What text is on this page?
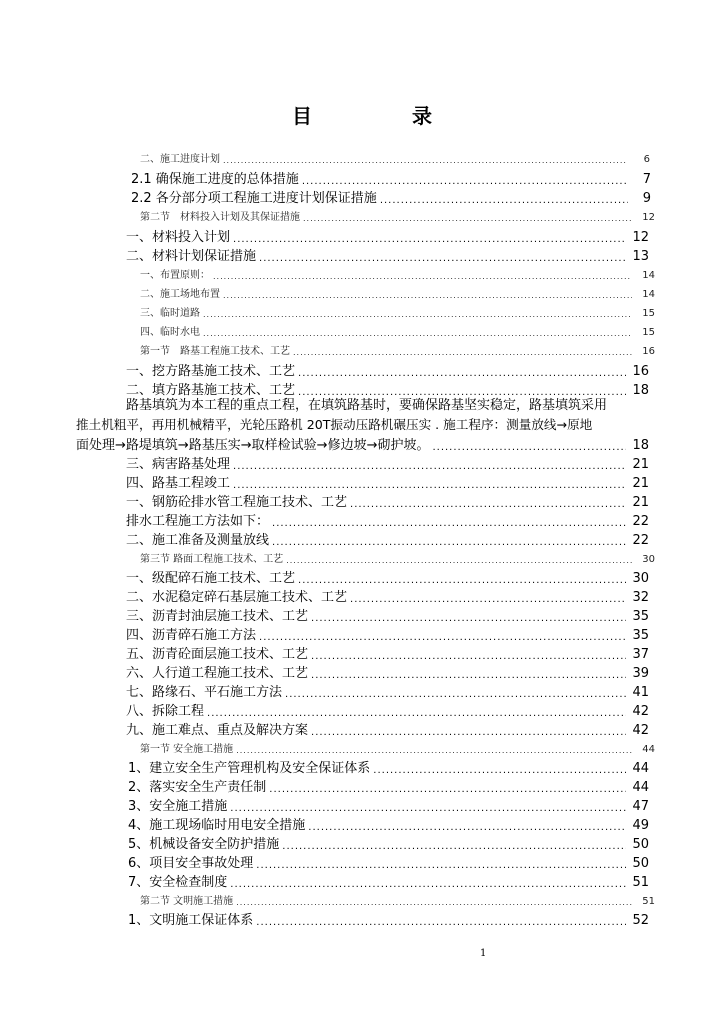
目　录
二、施工进度计划 .....	6
2.1 确保施工进度的总体措施 .....	7
2.2 各分部分项工程施工进度计划保证措施 .....	9
第二节　材料投入计划及其保证措施 .....	12
一、材料投入计划 .....	12
二、材料计划保证措施 .....	13
一、布置原则： .....	14
二、施工场地布置 .....	14
三、临时道路 .....	15
四、临时水电 .....	15
第一节　路基工程施工技术、工艺 .....	16
一、挖方路基施工技术、工艺 .....	16
二、填方路基施工技术、工艺 .....	18
路基填筑为本工程的重点工程，在填筑路基时，要确保路基坚实稳定，路基填筑采用
推土机粗平，再用机械精平，光轮压路机 20T振动压路机碾压实 . 施工程序：测量放线→原地
面处理→路堤填筑→路基压实→取样检试验→修边坡→砌护坡。 .....	18
三、病害路基处理 .....	21
四、路基工程竣工 .....	21
一、钢筋砼排水管工程施工技术、工艺 .....	21
排水工程施工方法如下： .....	22
二、施工准备及测量放线 .....	22
第三节 路面工程施工技术、工艺 .....	30
一、级配碎石施工技术、工艺 .....	30
二、水泥稳定碎石基层施工技术、工艺 .....	32
三、沥青封油层施工技术、工艺 .....	35
四、沥青碎石施工方法 .....	35
五、沥青砼面层施工技术、工艺 .....	37
六、人行道工程施工技术、工艺 .....	39
七、路缘石、平石施工方法 .....	41
八、拆除工程 .....	42
九、施工难点、重点及解决方案 .....	42
第一节 安全施工措施 .....	44
1、建立安全生产管理机构及安全保证体系 .....	44
2、落实安全生产责任制 .....	44
3、安全施工措施 .....	47
4、施工现场临时用电安全措施 .....	49
5、机械设备安全防护措施 .....	50
6、项目安全事故处理 .....	50
7、安全检查制度 .....	51
第二节 文明施工措施 .....	51
1、文明施工保证体系 .....	52
1
